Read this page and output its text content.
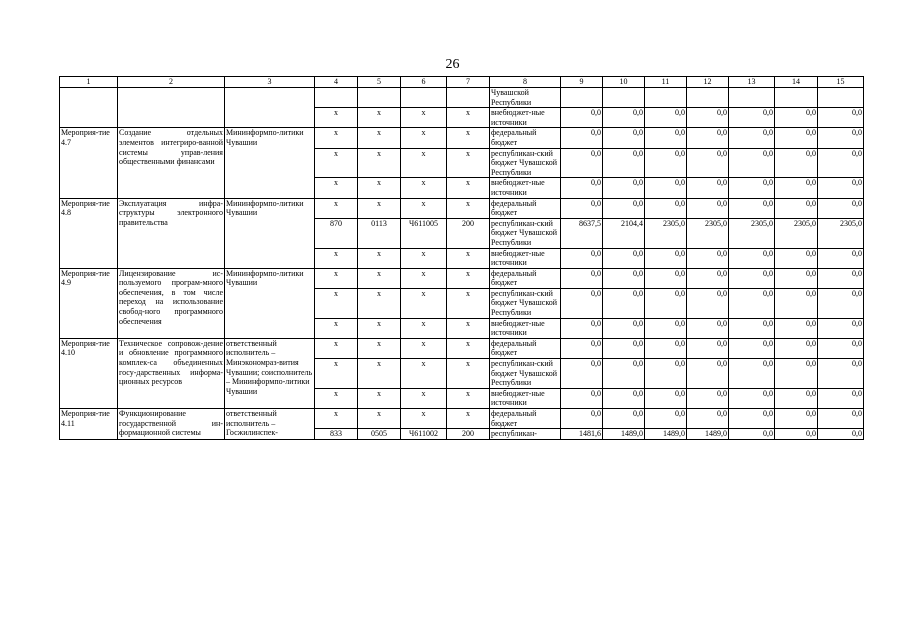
26
1	2	3	4	5	6	7	8	9	10	11	12	13	14	15
							Чувашской Республики							
			x	x	x	x	внебюджет-ные источники	0,0	0,0	0,0	0,0	0,0	0,0	0,0
Мероприя-тие 4.7	Создание отдельных элементов интегриро-ванной системы управ-ления общественными финансами	Мининформпо-литики Чувашии	x	x	x	x	федеральный бюджет	0,0	0,0	0,0	0,0	0,0	0,0	0,0
			x	x	x	x	республикан-ский бюджет Чувашской Республики	0,0	0,0	0,0	0,0	0,0	0,0	0,0
			x	x	x	x	внебюджет-ные источники	0,0	0,0	0,0	0,0	0,0	0,0	0,0
Мероприя-тие 4.8	Эксплуатация инфра-структуры электронного правительства	Мининформпо-литики Чувашии	x	x	x	x	федеральный бюджет	0,0	0,0	0,0	0,0	0,0	0,0	0,0
			870	0113	Ч611005	200	республикан-ский бюджет Чувашской Республики	8637,5	2104,4	2305,0	2305,0	2305,0	2305,0	2305,0
			x	x	x	x	внебюджет-ные источники	0,0	0,0	0,0	0,0	0,0	0,0	0,0
Мероприя-тие 4.9	Лицензирование ис-пользуемого програм-много обеспечения, в том числе переход на использование свобод-ного программного обеспечения	Мининформпо-литики Чувашии	x	x	x	x	федеральный бюджет	0,0	0,0	0,0	0,0	0,0	0,0	0,0
			x	x	x	x	республикан-ский бюджет Чувашской Республики	0,0	0,0	0,0	0,0	0,0	0,0	0,0
			x	x	x	x	внебюджет-ные источники	0,0	0,0	0,0	0,0	0,0	0,0	0,0
Мероприя-тие 4.10	Техническое сопровож-дение и обновление программного комплек-са объединенных госу-дарственных информа-ционных ресурсов	ответственный исполнитель – Минэкономраз-вития Чувашии; соисполнитель – Мининформпо-литики Чувашии	x	x	x	x	федеральный бюджет	0,0	0,0	0,0	0,0	0,0	0,0	0,0
			x	x	x	x	республикан-ский бюджет Чувашской Республики	0,0	0,0	0,0	0,0	0,0	0,0	0,0
			x	x	x	x	внебюджет-ные источники	0,0	0,0	0,0	0,0	0,0	0,0	0,0
Мероприя-тие 4.11	Функционирование государственной ин-формационной системы	ответственный исполнитель – Госжилинспек-	x	x	x	x	федеральный бюджет	0,0	0,0	0,0	0,0	0,0	0,0	0,0
			833	0505	Ч611002	200	республикан-	1481,6	1489,0	1489,0	1489,0	0,0	0,0	0,0
